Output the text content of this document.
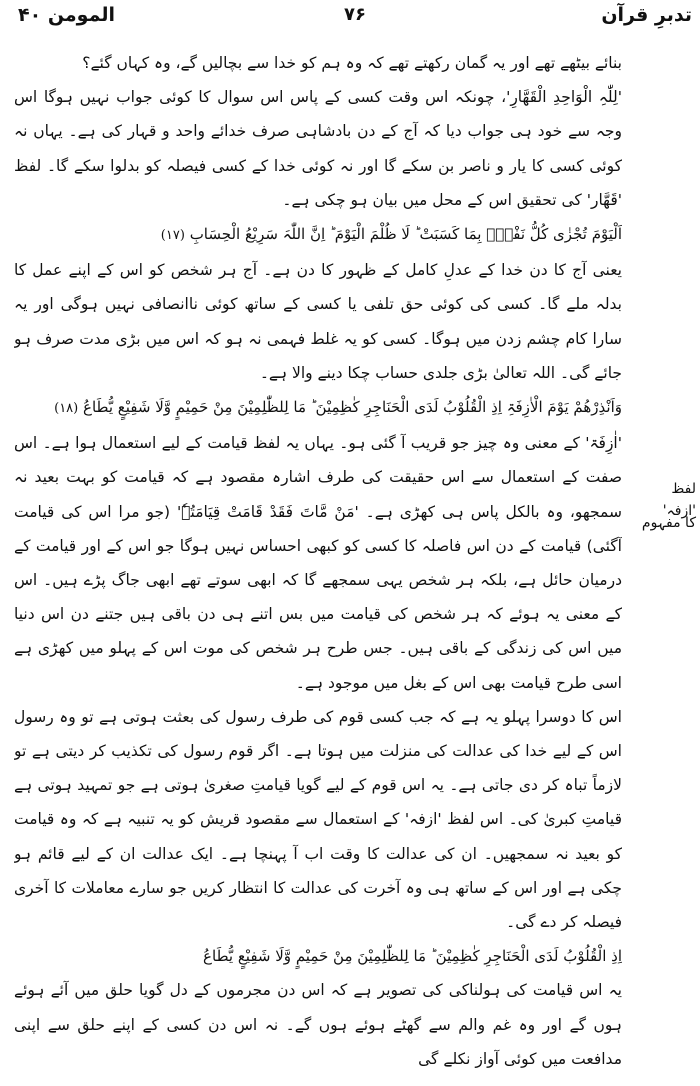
تدبرِ قرآن
۷۶
المومن ۴۰
لفظ 'ازفہ'
کا مفہوم

بنائے بیٹھے تھے اور یہ گمان رکھتے تھے کہ وہ ہم کو خدا سے بچالیں گے، وہ کہاں گئے؟

'لِلّٰہِ الْوَاحِدِ الْقَھَّارِ'، چونکہ اس وقت کسی کے پاس اس سوال کا کوئی جواب نہیں ہوگا اس وجہ سے خود ہی جواب دیا کہ آج کے دن بادشاہی صرف خدائے واحد و قہار کی ہے۔ یہاں نہ کوئی کسی کا یار و ناصر بن سکے گا اور نہ کوئی خدا کے کسی فیصلہ کو بدلوا سکے گا۔ لفظ 'قَھَّار' کی تحقیق اس کے محل میں بیان ہو چکی ہے۔

اَلْیَوْمَ تُجْزٰی کُلُّ نَفْسٍۭ بِمَا کَسَبَتْ ؕ لَا ظُلْمَ الْیَوْمَ ؕ اِنَّ اللّٰہَ سَرِیْعُ الْحِسَابِ (۱۷)

یعنی آج کا دن خدا کے عدلِ کامل کے ظہور کا دن ہے۔ آج ہر شخص کو اس کے اپنے عمل کا بدلہ ملے گا۔ کسی کی کوئی حق تلفی یا کسی کے ساتھ کوئی ناانصافی نہیں ہوگی اور یہ سارا کام چشم زدن میں ہوگا۔ کسی کو یہ غلط فہمی نہ ہو کہ اس میں بڑی مدت صرف ہو جائے گی۔ اللہ تعالیٰ بڑی جلدی حساب چکا دینے والا ہے۔

وَاَنْذِرْھُمْ یَوْمَ الْاٰزِفَۃِ اِذِ الْقُلُوْبُ لَدَی الْحَنَاجِرِ کٰظِمِیْنَ ؕ مَا لِلظّٰلِمِیْنَ مِنْ حَمِیْمٍ وَّلَا شَفِیْعٍ یُّطَاعُ (۱۸)

'اٰزِفَۃ' کے معنی وہ چیز جو قریب آ گئی ہو۔ یہاں یہ لفظ قیامت کے لیے استعمال ہوا ہے۔ اس صفت کے استعمال سے اس حقیقت کی طرف اشارہ مقصود ہے کہ قیامت کو بہت بعید نہ سمجھو، وہ بالکل پاس ہی کھڑی ہے۔ 'مَنْ مَّاتَ فَقَدْ قَامَتْ قِیَامَتُہٗ' (جو مرا اس کی قیامت آگئی) قیامت کے دن اس فاصلہ کا کسی کو کبھی احساس نہیں ہوگا جو اس کے اور قیامت کے درمیان حائل ہے، بلکہ ہر شخص یہی سمجھے گا کہ ابھی سوتے تھے ابھی جاگ پڑے ہیں۔ اس کے معنی یہ ہوئے کہ ہر شخص کی قیامت میں بس اتنے ہی دن باقی ہیں جتنے دن اس دنیا میں اس کی زندگی کے باقی ہیں۔ جس طرح ہر شخص کی موت اس کے پہلو میں کھڑی ہے اسی طرح قیامت بھی اس کے بغل میں موجود ہے۔

اس کا دوسرا پہلو یہ ہے کہ جب کسی قوم کی طرف رسول کی بعثت ہوتی ہے تو وہ رسول اس کے لیے خدا کی عدالت کی منزلت میں ہوتا ہے۔ اگر قوم رسول کی تکذیب کر دیتی ہے تو لازماً تباہ کر دی جاتی ہے۔ یہ اس قوم کے لیے گویا قیامتِ صغریٰ ہوتی ہے جو تمہید ہوتی ہے قیامتِ کبریٰ کی۔ اس لفظ 'ازفہ' کے استعمال سے مقصود قریش کو یہ تنبیہ ہے کہ وہ قیامت کو بعید نہ سمجھیں۔ ان کی عدالت کا وقت اب آ پہنچا ہے۔ ایک عدالت ان کے لیے قائم ہو چکی ہے اور اس کے ساتھ ہی وہ آخرت کی عدالت کا انتظار کریں جو سارے معاملات کا آخری فیصلہ کر دے گی۔

اِذِ الْقُلُوْبُ لَدَی الْحَنَاجِرِ کٰظِمِیْنَ ؕ مَا لِلظّٰلِمِیْنَ مِنْ حَمِیْمٍ وَّلَا شَفِیْعٍ یُّطَاعُ

یہ اس قیامت کی ہولناکی کی تصویر ہے کہ اس دن مجرموں کے دل گویا حلق میں آئے ہوئے ہوں گے اور وہ غم والم سے گھٹے ہوئے ہوں گے۔ نہ اس دن کسی کے اپنے حلق سے اپنی مدافعت میں کوئی آواز نکلے گی
